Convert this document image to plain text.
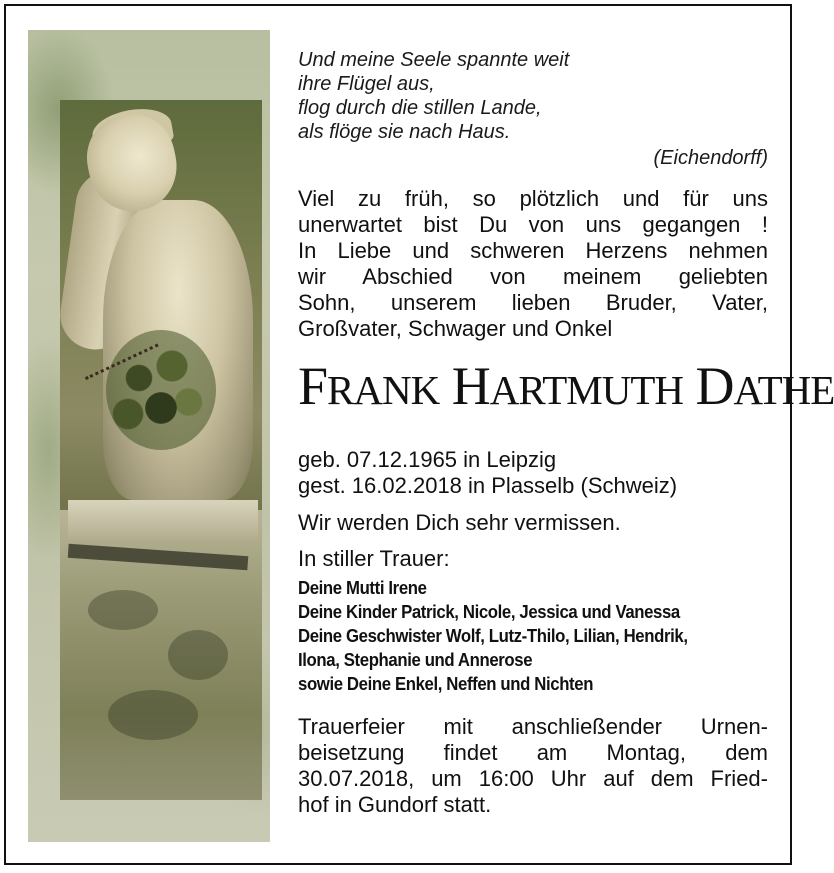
Und meine Seele spannte weit
ihre Flügel aus,
flog durch die stillen Lande,
als flöge sie nach Haus.
(Eichendorff)
Viel zu früh, so plötzlich und für uns
unerwartet bist Du von uns gegangen !
In Liebe und schweren Herzens nehmen
wir Abschied von meinem geliebten
Sohn, unserem lieben Bruder, Vater,
Großvater, Schwager und Onkel
FRANK HARTMUTH DATHE
geb. 07.12.1965 in Leipzig
gest. 16.02.2018 in Plasselb (Schweiz)
Wir werden Dich sehr vermissen.
In stiller Trauer:
Deine Mutti Irene
Deine Kinder Patrick, Nicole, Jessica und Vanessa
Deine Geschwister Wolf, Lutz-Thilo, Lilian, Hendrik,
Ilona, Stephanie und Annerose
sowie Deine Enkel, Neffen und Nichten
Trauerfeier mit anschließender Urnen-
beisetzung findet am Montag, dem
30.07.2018, um 16:00 Uhr auf dem Fried-
hof in Gundorf statt.
